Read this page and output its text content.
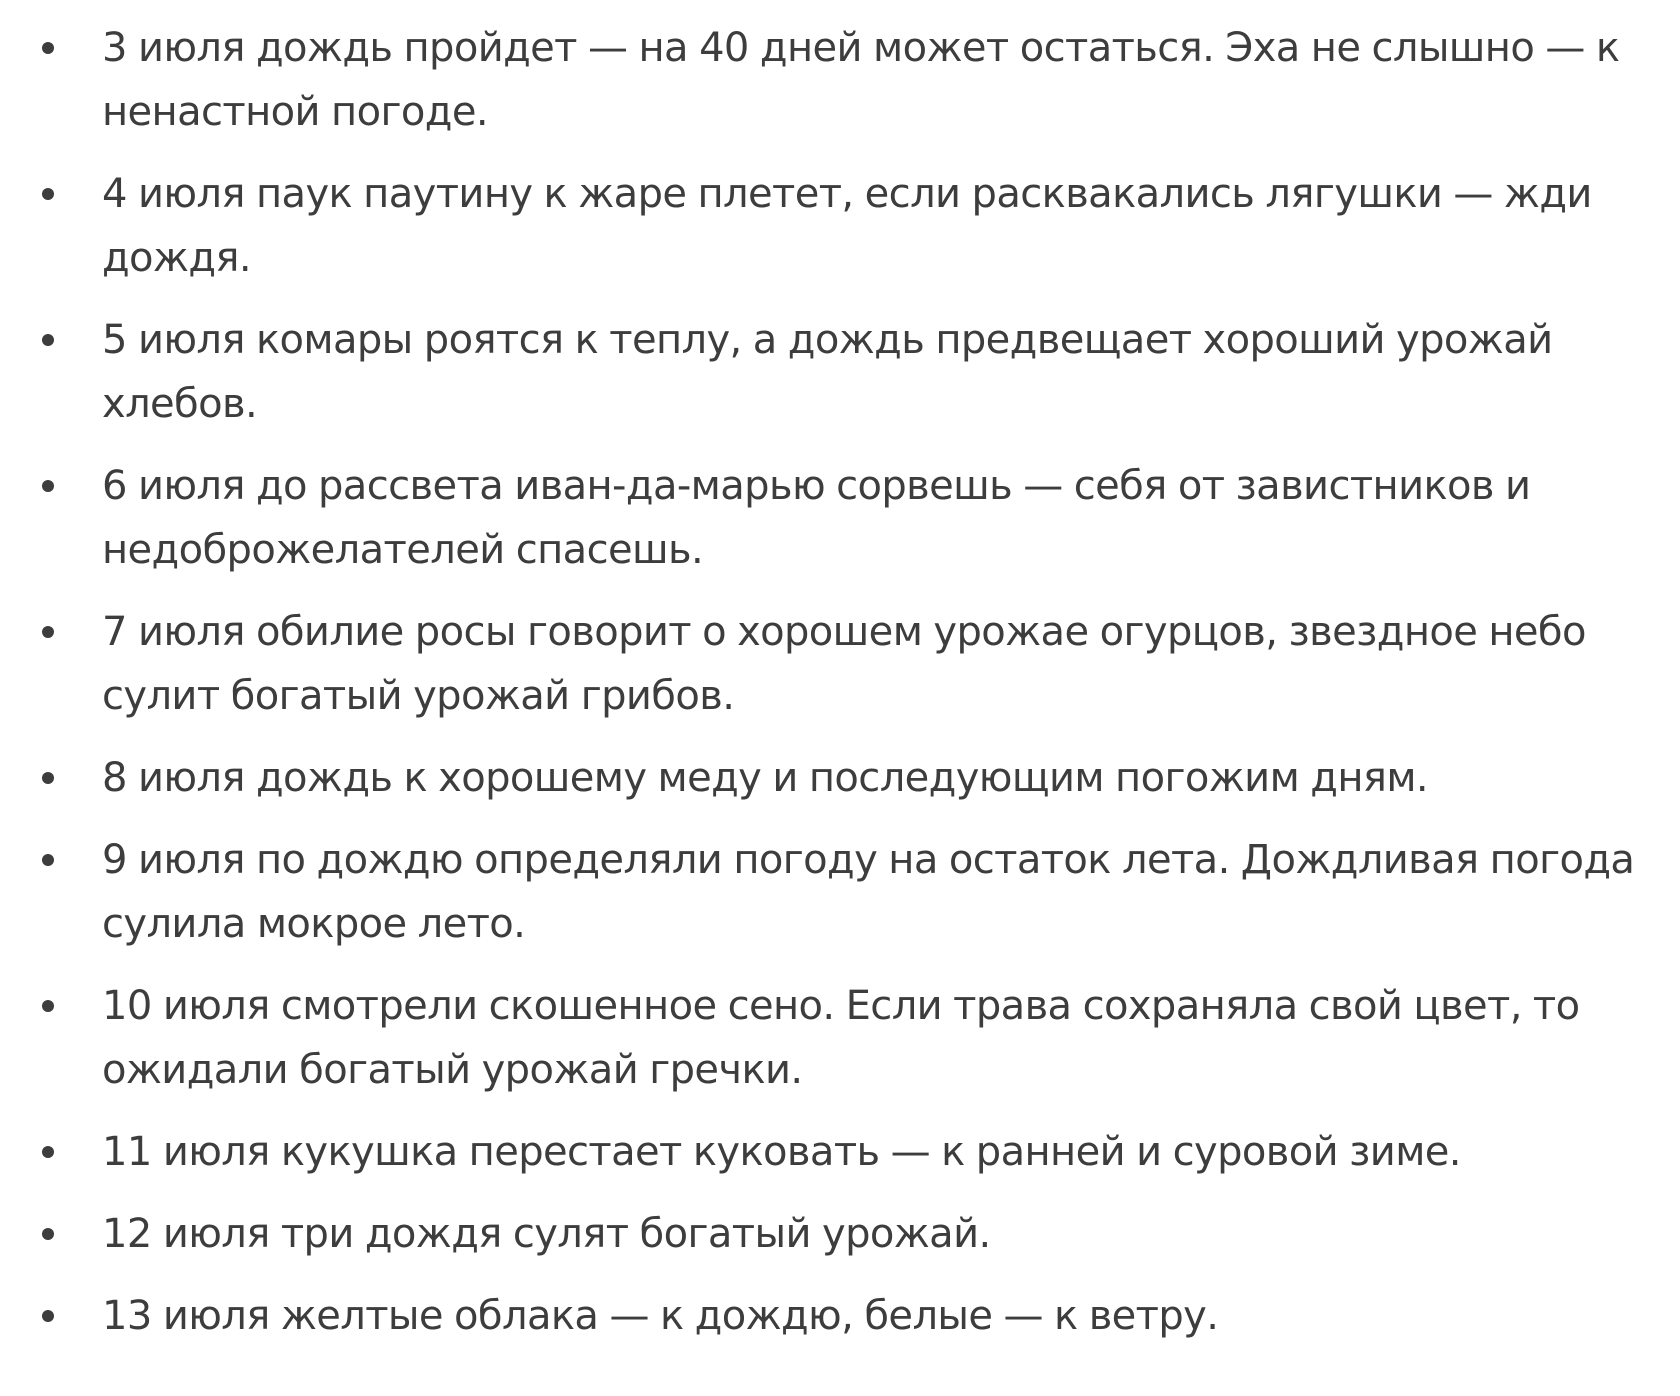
3 июля дождь пройдет — на 40 дней может остаться. Эха не слышно — к ненастной погоде.
4 июля паук паутину к жаре плетет, если расквакались лягушки — жди дождя.
5 июля комары роятся к теплу, а дождь предвещает хороший урожай хлебов.
6 июля до рассвета иван-да-марью сорвешь — себя от завистников и недоброжелателей спасешь.
7 июля обилие росы говорит о хорошем урожае огурцов, звездное небо сулит богатый урожай грибов.
8 июля дождь к хорошему меду и последующим погожим дням.
9 июля по дождю определяли погоду на остаток лета. Дождливая погода сулила мокрое лето.
10 июля смотрели скошенное сено. Если трава сохраняла свой цвет, то ожидали богатый урожай гречки.
11 июля кукушка перестает куковать — к ранней и суровой зиме.
12 июля три дождя сулят богатый урожай.
13 июля желтые облака — к дождю, белые — к ветру.
